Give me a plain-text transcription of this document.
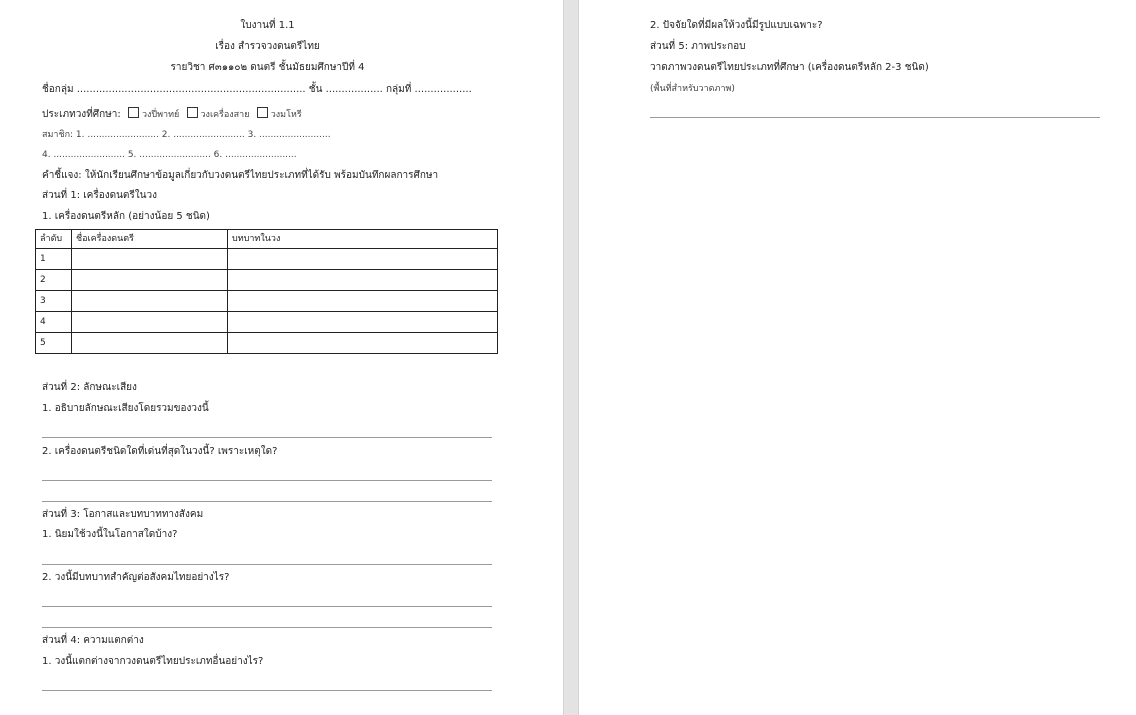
ใบงานที่ 1.1
เรื่อง สำรวจวงดนตรีไทย
รายวิชา ศ๓๑๑๐๒ ดนตรี ชั้นมัธยมศึกษาปีที่ 4
ชื่อกลุ่ม ........................................................................ ชั้น .................. กลุ่มที่ ..................
ประเภทวงที่ศึกษา: วงปี่พาทย์ วงเครื่องสาย วงมโหรี
สมาชิก: 1. ......................... 2. ......................... 3. .........................
4. ......................... 5. ......................... 6. .........................
คำชี้แจง: ให้นักเรียนศึกษาข้อมูลเกี่ยวกับวงดนตรีไทยประเภทที่ได้รับ พร้อมบันทึกผลการศึกษา
ส่วนที่ 1: เครื่องดนตรีในวง
1. เครื่องดนตรีหลัก (อย่างน้อย 5 ชนิด)
ลำดับ	ชื่อเครื่องดนตรี	บทบาทในวง
1		
2		
3		
4		
5		
ส่วนที่ 2: ลักษณะเสียง
1. อธิบายลักษณะเสียงโดยรวมของวงนี้
2. เครื่องดนตรีชนิดใดที่เด่นที่สุดในวงนี้? เพราะเหตุใด?
ส่วนที่ 3: โอกาสและบทบาททางสังคม
1. นิยมใช้วงนี้ในโอกาสใดบ้าง?
2. วงนี้มีบทบาทสำคัญต่อสังคมไทยอย่างไร?
ส่วนที่ 4: ความแตกต่าง
1. วงนี้แตกต่างจากวงดนตรีไทยประเภทอื่นอย่างไร?
2. ปัจจัยใดที่มีผลให้วงนี้มีรูปแบบเฉพาะ?
ส่วนที่ 5: ภาพประกอบ
วาดภาพวงดนตรีไทยประเภทที่ศึกษา (เครื่องดนตรีหลัก 2-3 ชนิด)
(พื้นที่สำหรับวาดภาพ)
